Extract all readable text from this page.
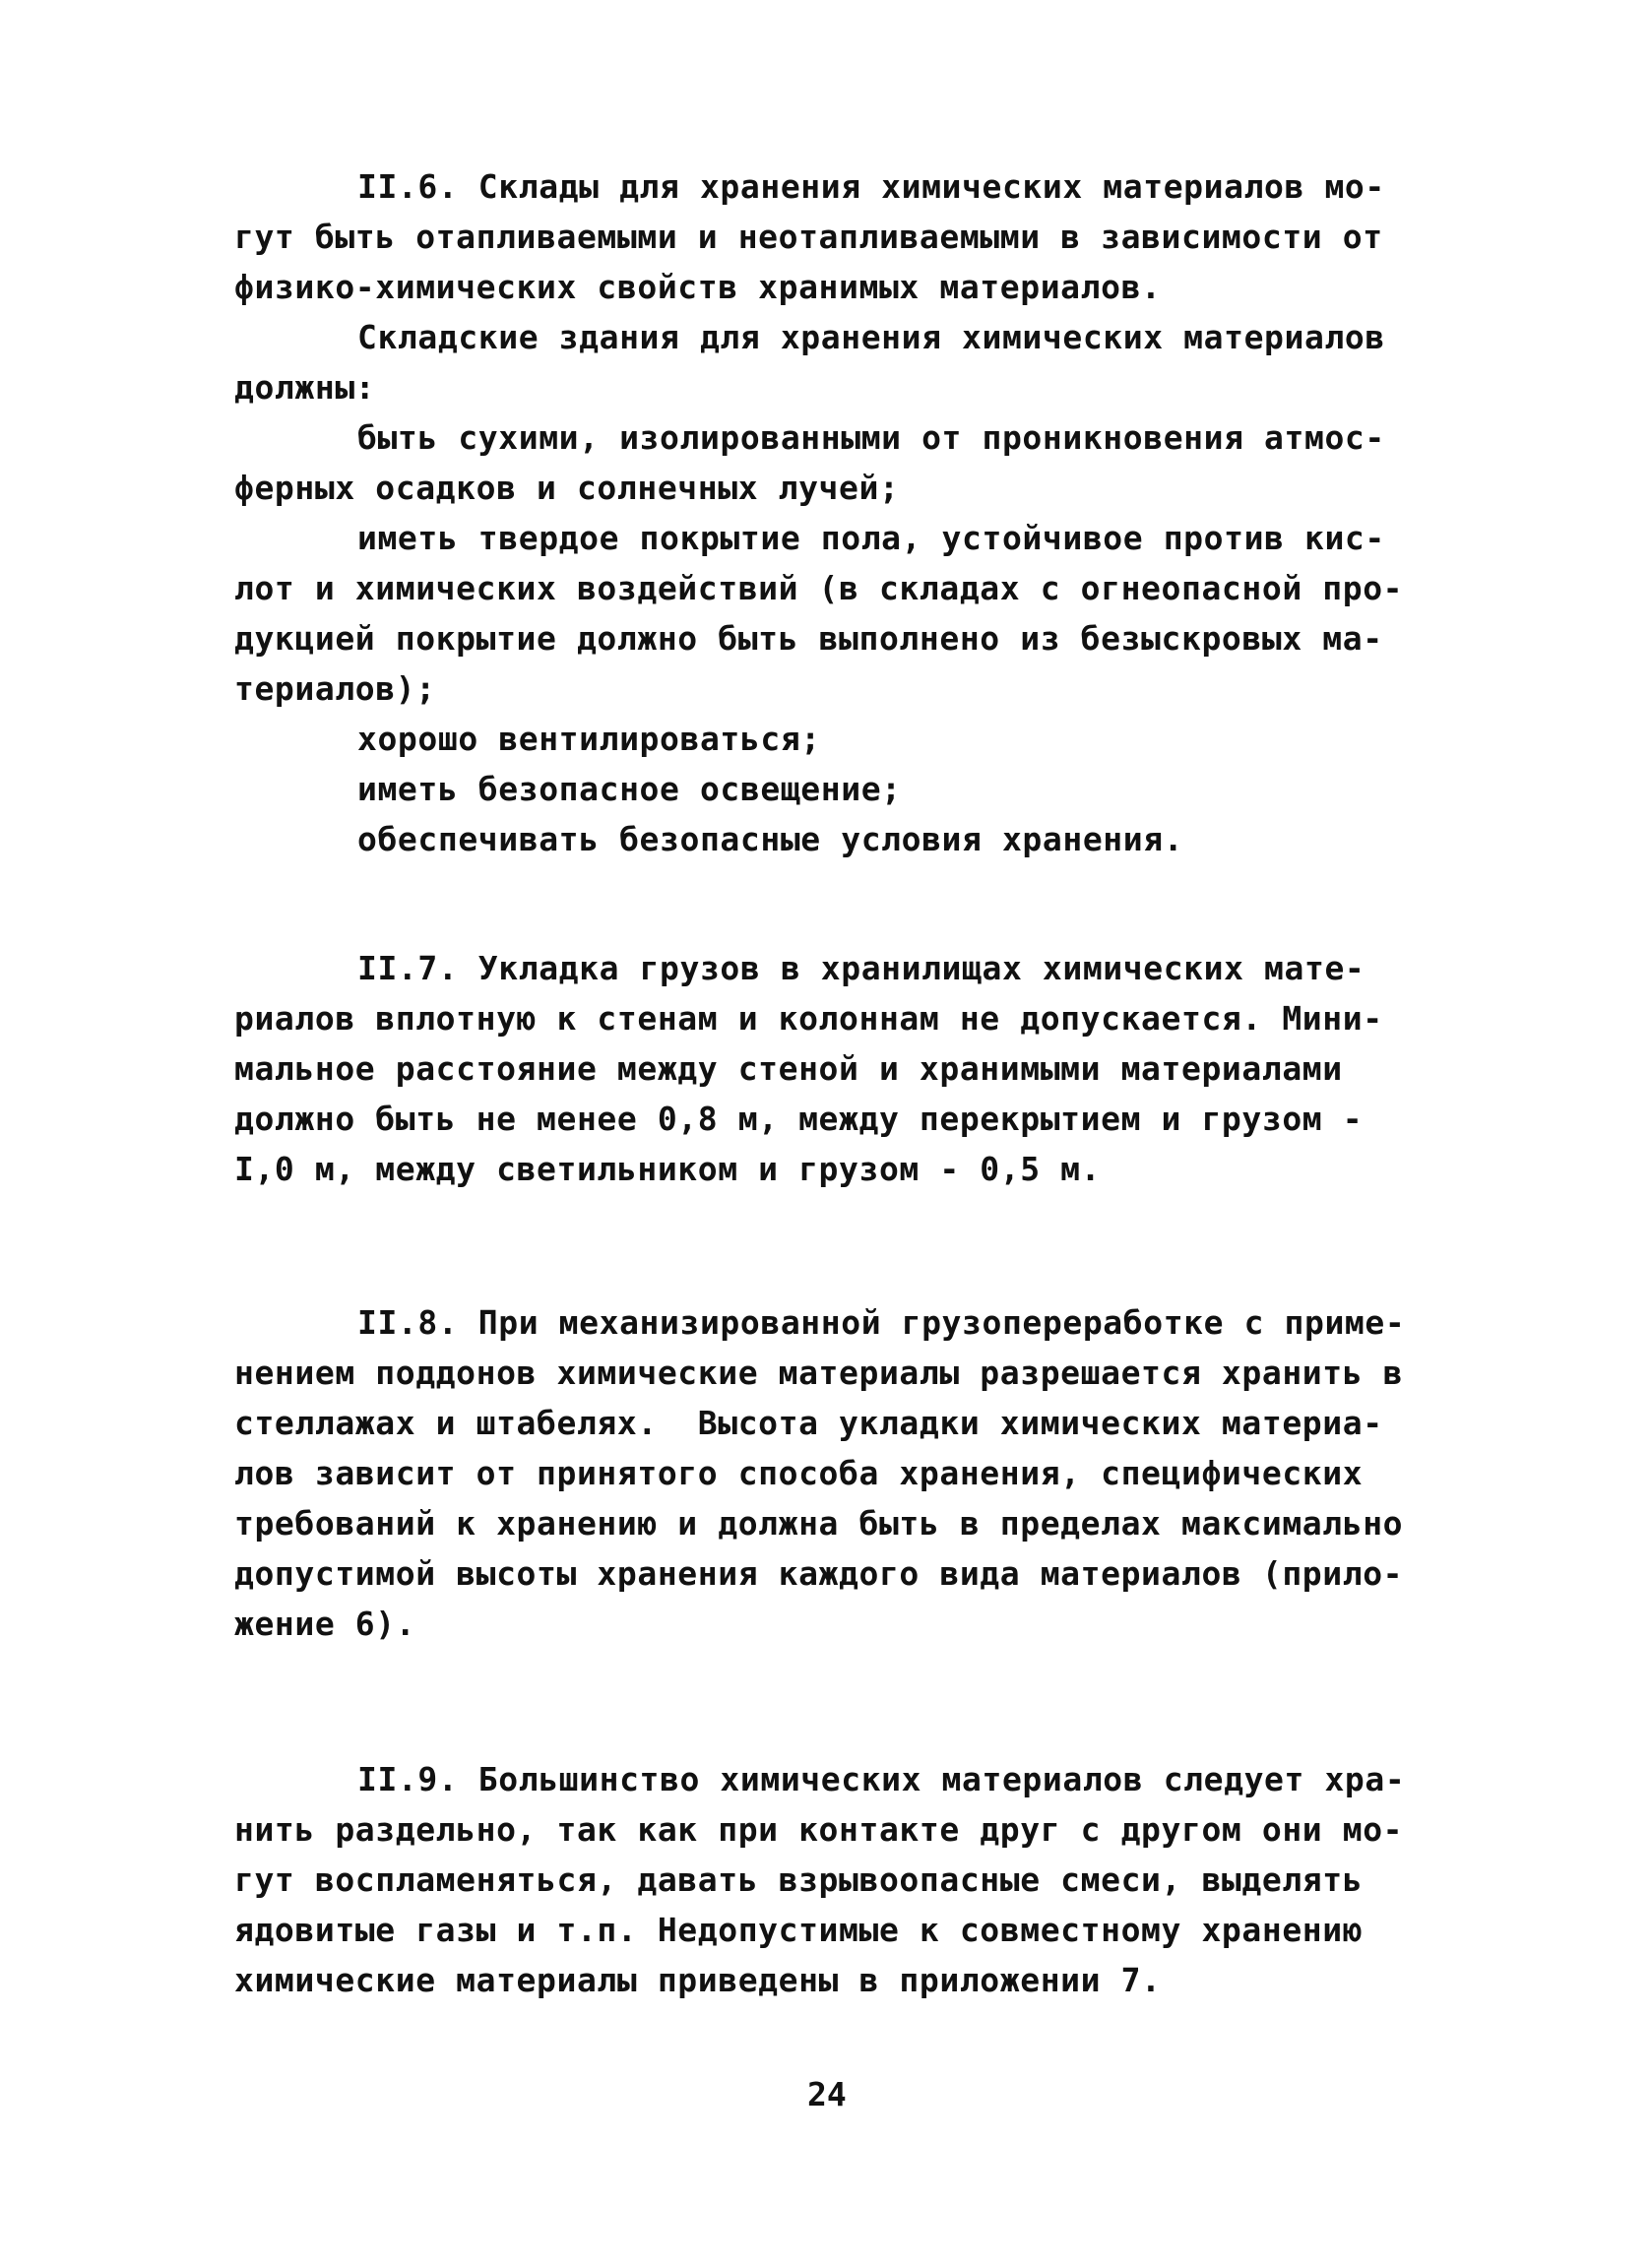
II.6. Склады для хранения химических материалов мо-
гут быть отапливаемыми и неотапливаемыми в зависимости от
физико-химических свойств хранимых материалов.
Складские здания для хранения химических материалов
должны:
быть сухими, изолированными от проникновения атмос-
ферных осадков и солнечных лучей;
иметь твердое покрытие пола, устойчивое против кис-
лот и химических воздействий (в складах с огнеопасной про-
дукцией покрытие должно быть выполнено из безыскровых ма-
териалов);
хорошо вентилироваться;
иметь безопасное освещение;
обеспечивать безопасные условия хранения.
II.7. Укладка грузов в хранилищах химических мате-
риалов вплотную к стенам и колоннам не допускается. Мини-
мальное расстояние между стеной и хранимыми материалами
должно быть не менее 0,8 м, между перекрытием и грузом -
I,0 м, между светильником и грузом - 0,5 м.
II.8. При механизированной грузопереработке с приме-
нением поддонов химические материалы разрешается хранить в
стеллажах и штабелях.  Высота укладки химических материа-
лов зависит от принятого способа хранения, специфических
требований к хранению и должна быть в пределах максимально
допустимой высоты хранения каждого вида материалов (прило-
жение 6).
II.9. Большинство химических материалов следует хра-
нить раздельно, так как при контакте друг с другом они мо-
гут воспламеняться, давать взрывоопасные смеси, выделять
ядовитые газы и т.п. Недопустимые к совместному хранению
химические материалы приведены в приложении 7.
24
